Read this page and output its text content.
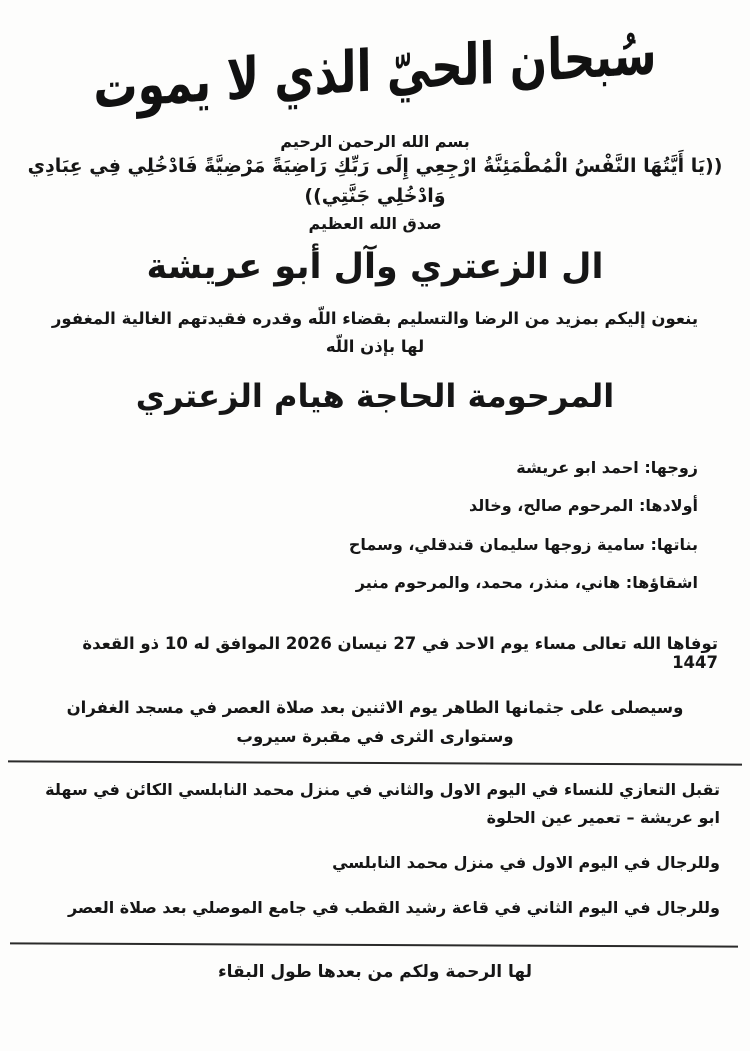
سُبحان الحيّ الذي لا يموت
بسم الله الرحمن الرحيم
((يَا أَيَّتُهَا النَّفْسُ الْمُطْمَئِنَّةُ ارْجِعِي إِلَى رَبِّكِ رَاضِيَةً مَرْضِيَّةً فَادْخُلِي فِي عِبَادِي
وَادْخُلِي جَنَّتِي))
صدق الله العظيم
ال الزعتري وآل أبو عريشة
ينعون إليكم بمزيد من الرضا والتسليم بقضاء اللّه وقدره فقيدتهم الغالية المغفور لها بإذن اللّه
المرحومة الحاجة هيام الزعتري
زوجها: احمد ابو عريشة
أولادها: المرحوم صالح، وخالد
بناتها: سامية زوجها سليمان قندقلي، وسماح
اشقاؤها: هاني، منذر، محمد، والمرحوم منير
توفاها الله تعالى مساء يوم الاحد في 27 نيسان 2026 الموافق له 10 ذو القعدة 1447
وسيصلى على جثمانها الطاهر يوم الاثنين بعد صلاة العصر في مسجد الغفران
وستوارى الثرى في مقبرة سيروب
تقبل التعازي للنساء في اليوم الاول والثاني في منزل محمد النابلسي الكائن في سهلة ابو عريشة – تعمير عين الحلوة
وللرجال في اليوم الاول في منزل محمد النابلسي
وللرجال في اليوم الثاني في قاعة رشيد القطب في جامع الموصلي بعد صلاة العصر
لها الرحمة ولكم من بعدها طول البقاء
